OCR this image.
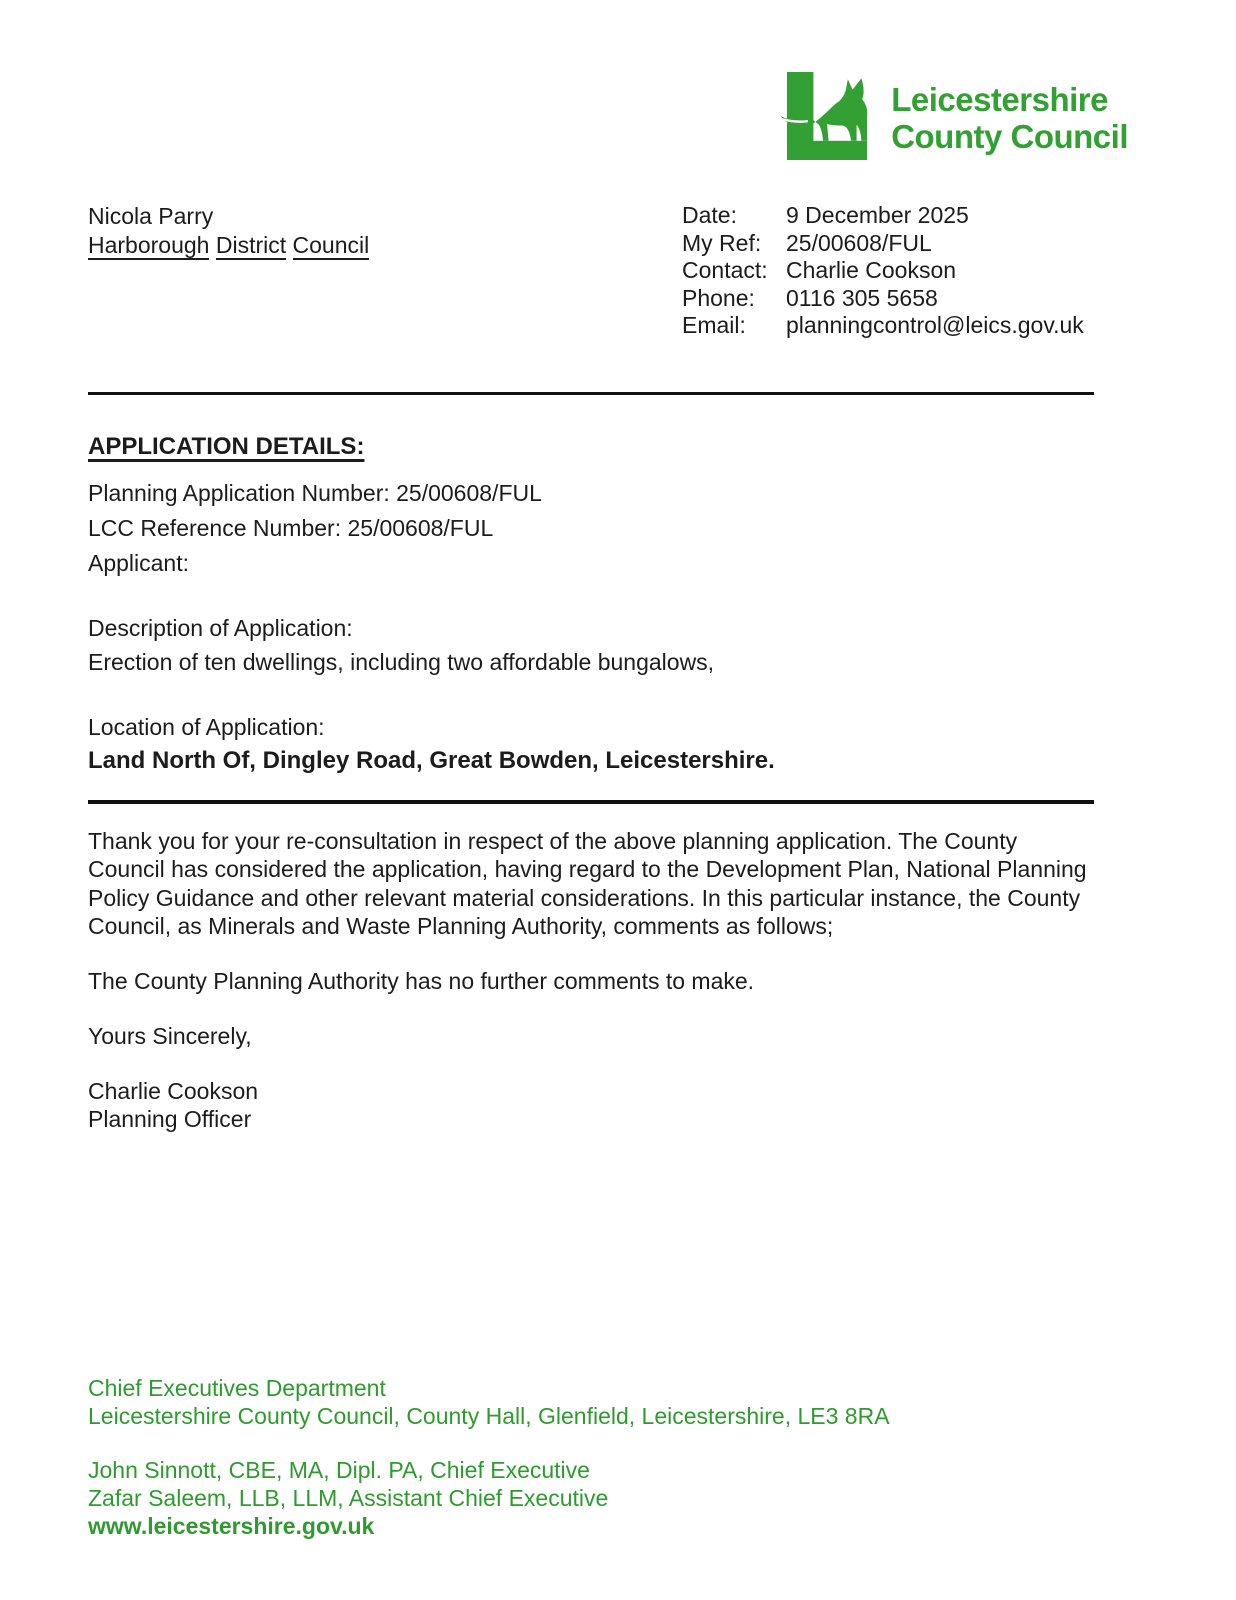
Leicestershire
County Council
Nicola Parry
Harborough District Council
Date:	9 December 2025
My Ref:	25/00608/FUL
Contact: Charlie Cookson
Phone:	0116 305 5658
Email:	planningcontrol@leics.gov.uk
APPLICATION DETAILS:
Planning Application Number: 25/00608/FUL
LCC Reference Number: 25/00608/FUL
Applicant:
Description of Application:
Erection of ten dwellings, including two affordable bungalows,
Location of Application:
Land North Of, Dingley Road, Great Bowden, Leicestershire.
Thank you for your re-consultation in respect of the above planning application. The County
Council has considered the application, having regard to the Development Plan, National Planning
Policy Guidance and other relevant material considerations. In this particular instance, the County
Council, as Minerals and Waste Planning Authority, comments as follows;
The County Planning Authority has no further comments to make.
Yours Sincerely,
Charlie Cookson
Planning Officer
Chief Executives Department
Leicestershire County Council, County Hall, Glenfield, Leicestershire, LE3 8RA
John Sinnott, CBE, MA, Dipl. PA, Chief Executive
Zafar Saleem, LLB, LLM, Assistant Chief Executive
www.leicestershire.gov.uk
